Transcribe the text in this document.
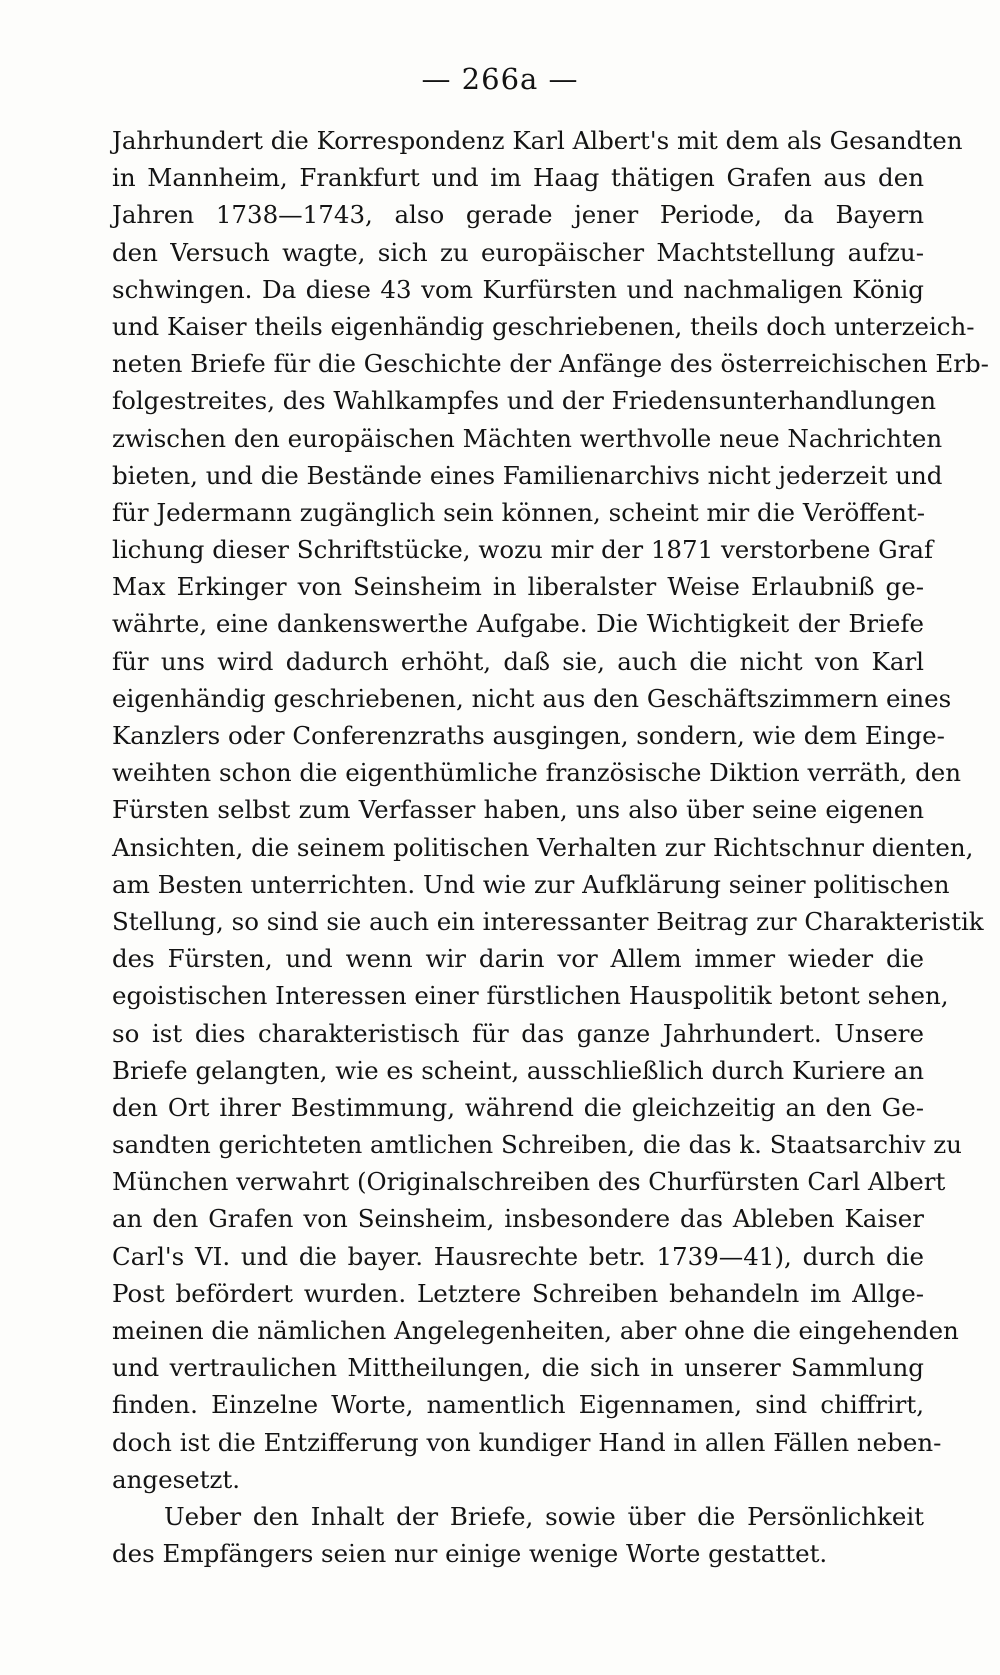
— 266a —
Jahrhundert die Korrespondenz Karl Albert's mit dem als Gesandten
in Mannheim, Frankfurt und im Haag thätigen Grafen aus den
Jahren 1738—1743, also gerade jener Periode, da Bayern
den Versuch wagte, sich zu europäischer Machtstellung aufzu-
schwingen. Da diese 43 vom Kurfürsten und nachmaligen König
und Kaiser theils eigenhändig geschriebenen, theils doch unterzeich-
neten Briefe für die Geschichte der Anfänge des österreichischen Erb-
folgestreites, des Wahlkampfes und der Friedensunterhandlungen
zwischen den europäischen Mächten werthvolle neue Nachrichten
bieten, und die Bestände eines Familienarchivs nicht jederzeit und
für Jedermann zugänglich sein können, scheint mir die Veröffent-
lichung dieser Schriftstücke, wozu mir der 1871 verstorbene Graf
Max Erkinger von Seinsheim in liberalster Weise Erlaubniß ge-
währte, eine dankenswerthe Aufgabe. Die Wichtigkeit der Briefe
für uns wird dadurch erhöht, daß sie, auch die nicht von Karl
eigenhändig geschriebenen, nicht aus den Geschäftszimmern eines
Kanzlers oder Conferenzraths ausgingen, sondern, wie dem Einge-
weihten schon die eigenthümliche französische Diktion verräth, den
Fürsten selbst zum Verfasser haben, uns also über seine eigenen
Ansichten, die seinem politischen Verhalten zur Richtschnur dienten,
am Besten unterrichten. Und wie zur Aufklärung seiner politischen
Stellung, so sind sie auch ein interessanter Beitrag zur Charakteristik
des Fürsten, und wenn wir darin vor Allem immer wieder die
egoistischen Interessen einer fürstlichen Hauspolitik betont sehen,
so ist dies charakteristisch für das ganze Jahrhundert. Unsere
Briefe gelangten, wie es scheint, ausschließlich durch Kuriere an
den Ort ihrer Bestimmung, während die gleichzeitig an den Ge-
sandten gerichteten amtlichen Schreiben, die das k. Staatsarchiv zu
München verwahrt (Originalschreiben des Churfürsten Carl Albert
an den Grafen von Seinsheim, insbesondere das Ableben Kaiser
Carl's VI. und die bayer. Hausrechte betr. 1739—41), durch die
Post befördert wurden. Letztere Schreiben behandeln im Allge-
meinen die nämlichen Angelegenheiten, aber ohne die eingehenden
und vertraulichen Mittheilungen, die sich in unserer Sammlung
finden. Einzelne Worte, namentlich Eigennamen, sind chiffrirt,
doch ist die Entzifferung von kundiger Hand in allen Fällen neben-
angesetzt.
Ueber den Inhalt der Briefe, sowie über die Persönlichkeit
des Empfängers seien nur einige wenige Worte gestattet.
